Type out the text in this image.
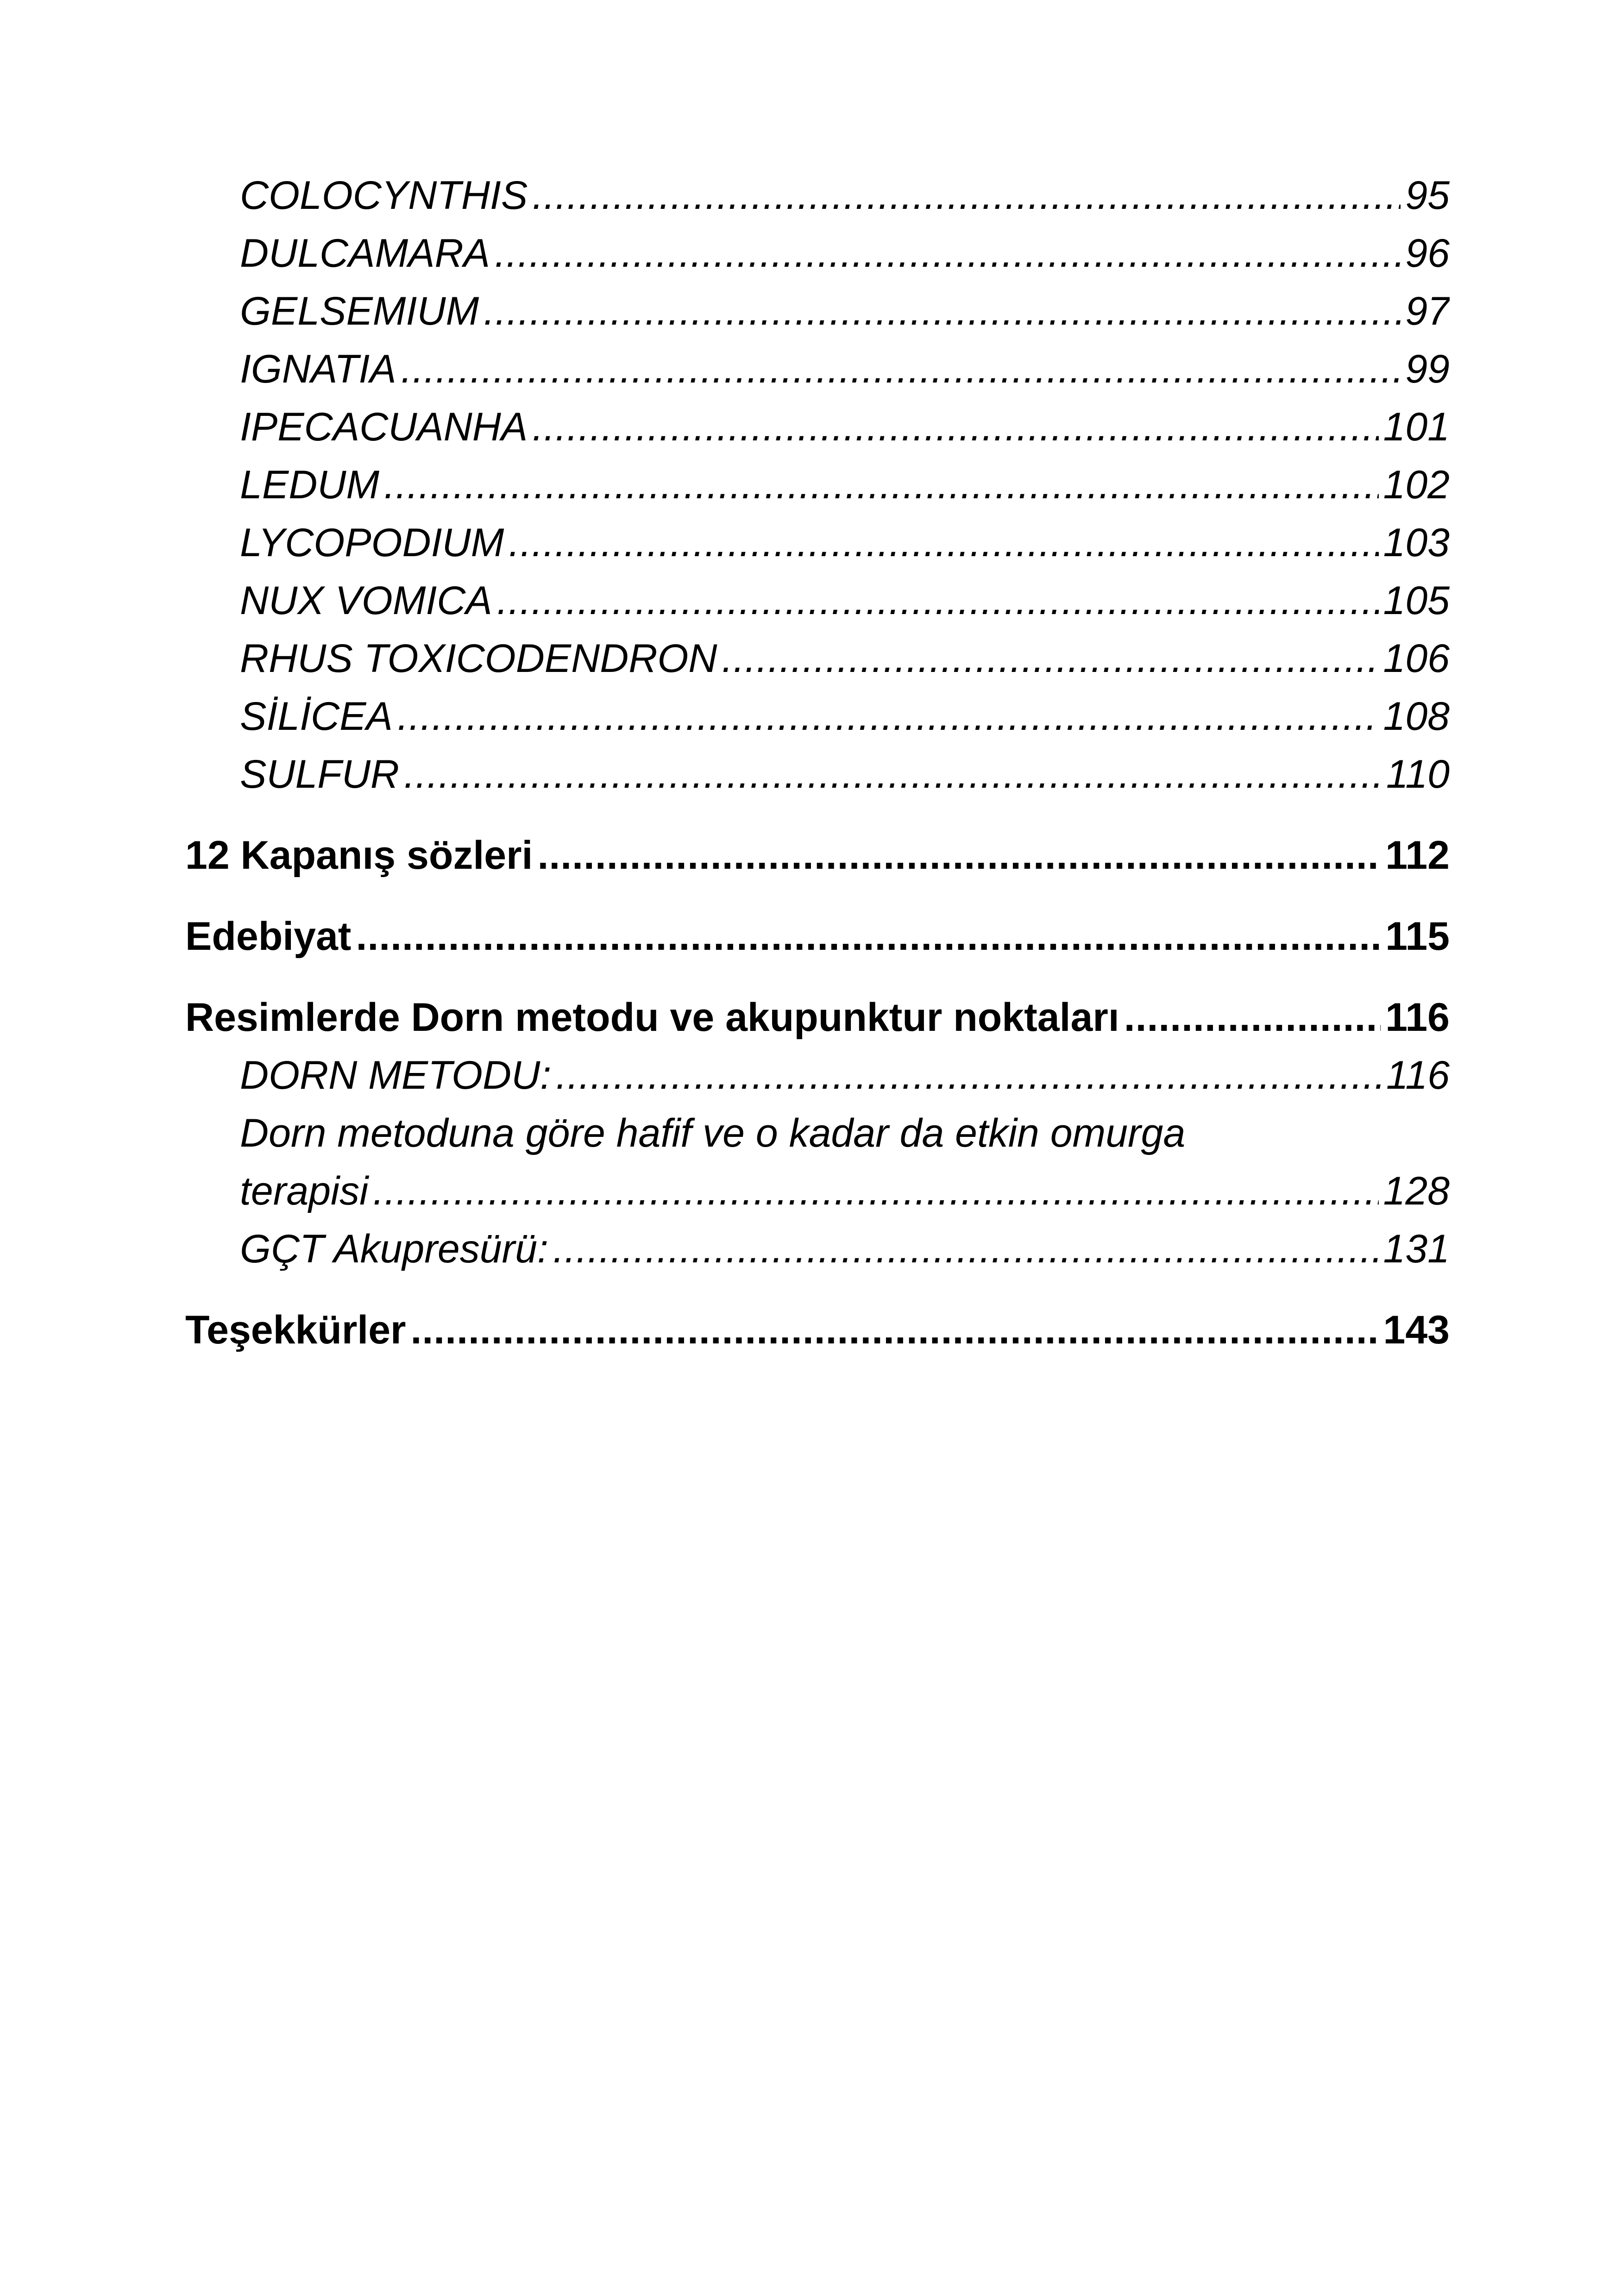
COLOCYNTHIS .....	95
DULCAMARA .....	96
GELSEMIUM .....	97
IGNATIA .....	99
IPECACUANHA .....	101
LEDUM .....	102
LYCOPODIUM .....	103
NUX VOMICA .....	105
RHUS TOXICODENDRON .....	106
SİLİCEA .....	108
SULFUR .....	110
12 Kapanış sözleri .....	112
Edebiyat .....	115
Resimlerde Dorn metodu ve akupunktur noktaları .....	116
DORN METODU: .....	116
Dorn metoduna göre hafif ve o kadar da etkin omurga
terapisi .....	128
GÇT Akupresürü: .....	131
Teşekkürler .....	143
